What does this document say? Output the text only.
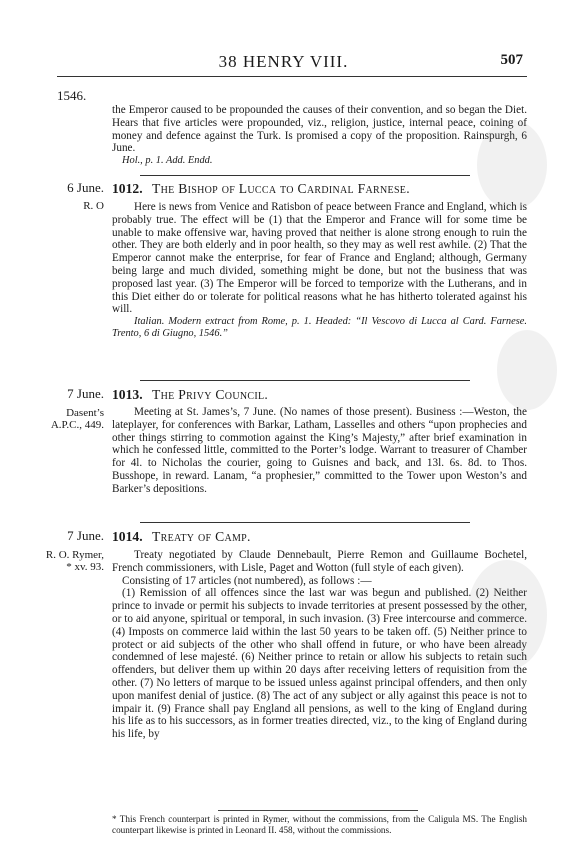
38 HENRY VIII.	507
1546.

the Emperor caused to be propounded the causes of their convention, and so began the Diet. Hears that five articles were propounded, viz., religion, justice, internal peace, coining of money and defence against the Turk. Is promised a copy of the proposition. Rainspurgh, 6 June.

Hol., p. 1. Add. Endd.

6 June.
R. O
1012. The Bishop of Lucca to Cardinal Farnese.

Here is news from Venice and Ratisbon of peace between France and England, which is probably true. The effect will be (1) that the Emperor and France will for some time be unable to make offensive war, having proved that neither is alone strong enough to ruin the other. They are both elderly and in poor health, so they may as well rest awhile. (2) That the Emperor cannot make the enterprise, for fear of France and England; although, Germany being large and much divided, something might be done, but not the business that was proposed last year. (3) The Emperor will be forced to temporize with the Lutherans, and in this Diet either do or tolerate for political reasons what he has hitherto tolerated against his will.

Italian. Modern extract from Rome, p. 1. Headed: “Il Vescovo di Lucca al Card. Farnese. Trento, 6 di Giugno, 1546.”

7 June.
Dasent’s A.P.C., 449.
1013. The Privy Council.

Meeting at St. James’s, 7 June. (No names of those present). Business :—Weston, the lateplayer, for conferences with Barkar, Latham, Lasselles and others “upon prophecies and other things stirring to commotion against the King’s Majesty,” after brief examination in which he confessed little, committed to the Porter’s lodge. Warrant to treasurer of Chamber for 4l. to Nicholas the courier, going to Guisnes and back, and 13l. 6s. 8d. to Thos. Busshope, in reward. Lanam, “a prophesier,” committed to the Tower upon Weston’s and Barker’s depositions.

7 June.
R. O. Rymer, * xv. 93.
1014. Treaty of Camp.

Treaty negotiated by Claude Dennebault, Pierre Remon and Guillaume Bochetel, French commissioners, with Lisle, Paget and Wotton (full style of each given).

Consisting of 17 articles (not numbered), as follows :—

(1) Remission of all offences since the last war was begun and published. (2) Neither prince to invade or permit his subjects to invade territories at present possessed by the other, or to aid anyone, spiritual or temporal, in such invasion. (3) Free intercourse and commerce. (4) Imposts on commerce laid within the last 50 years to be taken off. (5) Neither prince to protect or aid subjects of the other who shall offend in future, or who have been already condemned of lese majesté. (6) Neither prince to retain or allow his subjects to retain such offenders, but deliver them up within 20 days after receiving letters of requisition from the other. (7) No letters of marque to be issued unless against principal offenders, and then only upon manifest denial of justice. (8) The act of any subject or ally against this peace is not to impair it. (9) France shall pay England all pensions, as well to the king of England during his life as to his successors, as in former treaties directed, viz., to the king of England during his life, by

* This French counterpart is printed in Rymer, without the commissions, from the Caligula MS. The English counterpart likewise is printed in Leonard II. 458, without the commissions.
